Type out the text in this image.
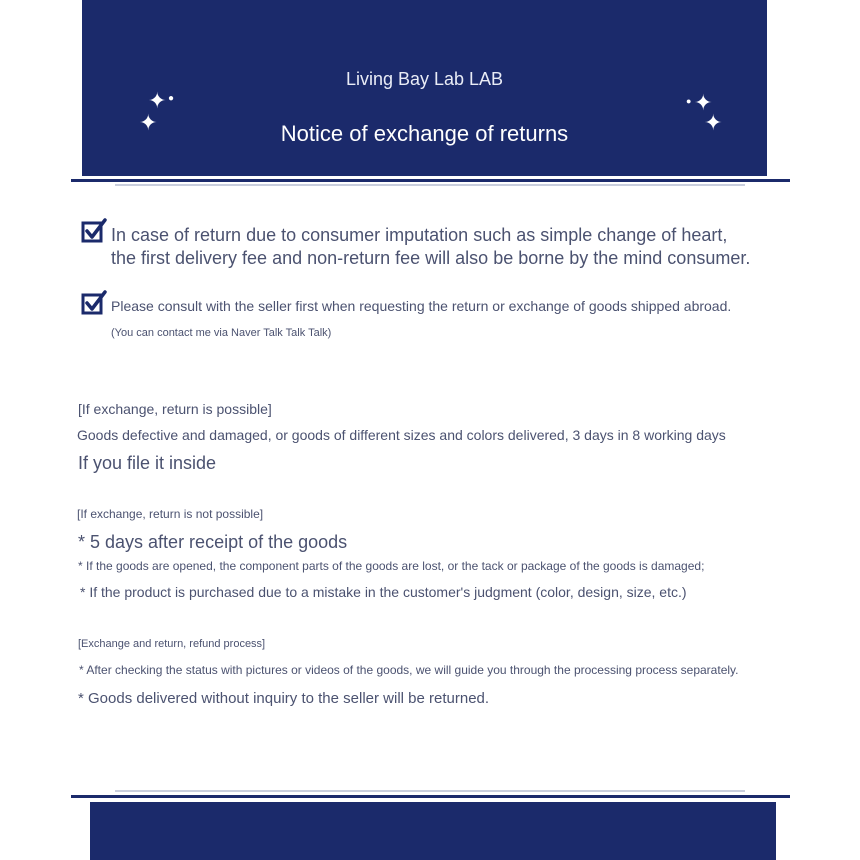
Living Bay Lab LAB
Notice of exchange of returns
✦
✦
●	✦
✦
●
In case of return due to consumer imputation such as simple change of heart,
the first delivery fee and non-return fee will also be borne by the mind consumer.
Please consult with the seller first when requesting the return or exchange of goods shipped abroad.
(You can contact me via Naver Talk Talk Talk)
[If exchange, return is possible]
Goods defective and damaged, or goods of different sizes and colors delivered, 3 days in 8 working days
If you file it inside
[If exchange, return is not possible]
* 5 days after receipt of the goods
* If the goods are opened, the component parts of the goods are lost, or the tack or package of the goods is damaged;
* If the product is purchased due to a mistake in the customer's judgment (color, design, size, etc.)
[Exchange and return, refund process]
* After checking the status with pictures or videos of the goods, we will guide you through the processing process separately.
* Goods delivered without inquiry to the seller will be returned.
